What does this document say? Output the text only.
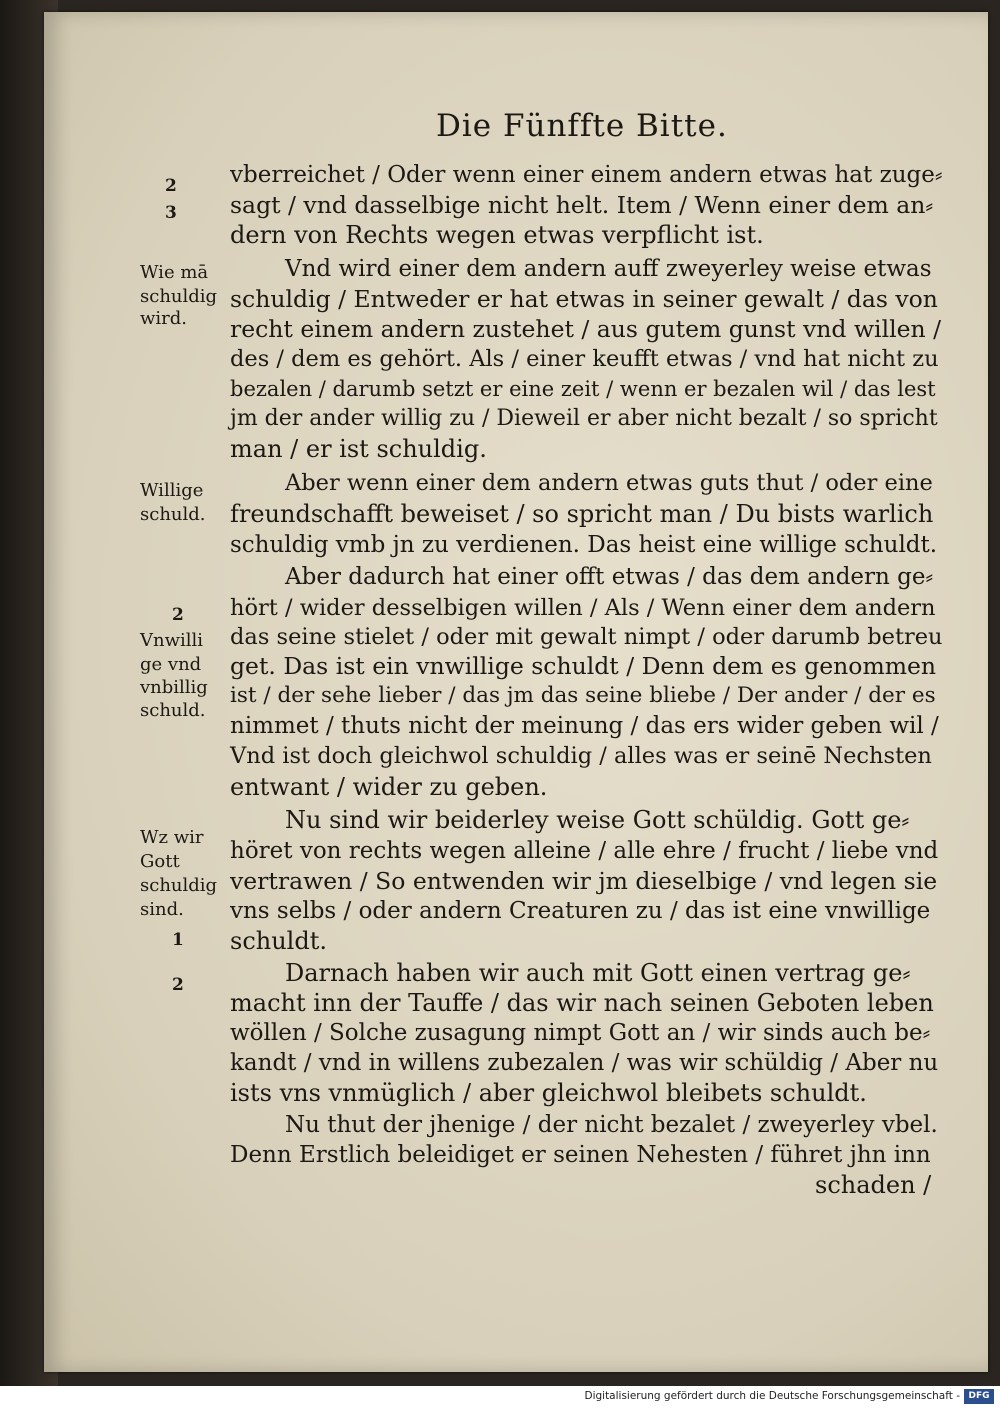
Die Fünffte Bitte.
2
3
2
1
2
Wie mā
schuldig
wird.
Willige
schuld.
Vnwilli
ge vnd
vnbillig
schuld.
Wz wir
Gott
schuldig
sind.
vberreichet / Oder wenn einer einem andern etwas hat zuge⸗
sagt / vnd dasselbige nicht helt. Item / Wenn einer dem an⸗
dern von Rechts wegen etwas verpflicht ist.
Vnd wird einer dem andern auff zweyerley weise etwas
schuldig / Entweder er hat etwas in seiner gewalt / das von
recht einem andern zustehet / aus gutem gunst vnd willen /
des / dem es gehört. Als / einer keufft etwas / vnd hat nicht zu
bezalen / darumb setzt er eine zeit / wenn er bezalen wil / das lest
jm der ander willig zu / Dieweil er aber nicht bezalt / so spricht
man / er ist schuldig.
Aber wenn einer dem andern etwas guts thut / oder eine
freundschafft beweiset / so spricht man / Du bists warlich
schuldig vmb jn zu verdienen. Das heist eine willige schuldt.
Aber dadurch hat einer offt etwas / das dem andern ge⸗
hört / wider desselbigen willen / Als / Wenn einer dem andern
das seine stielet / oder mit gewalt nimpt / oder darumb betreu
get. Das ist ein vnwillige schuldt / Denn dem es genommen
ist / der sehe lieber / das jm das seine bliebe / Der ander / der es
nimmet / thuts nicht der meinung / das ers wider geben wil /
Vnd ist doch gleichwol schuldig / alles was er seinē Nechsten
entwant / wider zu geben.
Nu sind wir beiderley weise Gott schüldig. Gott ge⸗
höret von rechts wegen alleine / alle ehre / frucht / liebe vnd
vertrawen / So entwenden wir jm dieselbige / vnd legen sie
vns selbs / oder andern Creaturen zu / das ist eine vnwillige
schuldt.
Darnach haben wir auch mit Gott einen vertrag ge⸗
macht inn der Tauffe / das wir nach seinen Geboten leben
wöllen / Solche zusagung nimpt Gott an / wir sinds auch be⸗
kandt / vnd in willens zubezalen / was wir schüldig / Aber nu
ists vns vnmüglich / aber gleichwol bleibets schuldt.
Nu thut der jhenige / der nicht bezalet / zweyerley vbel.
Denn Erstlich beleidiget er seinen Nehesten / führet jhn inn
schaden /
Digitalisierung gefördert durch die Deutsche Forschungsgemeinschaft - DFG
